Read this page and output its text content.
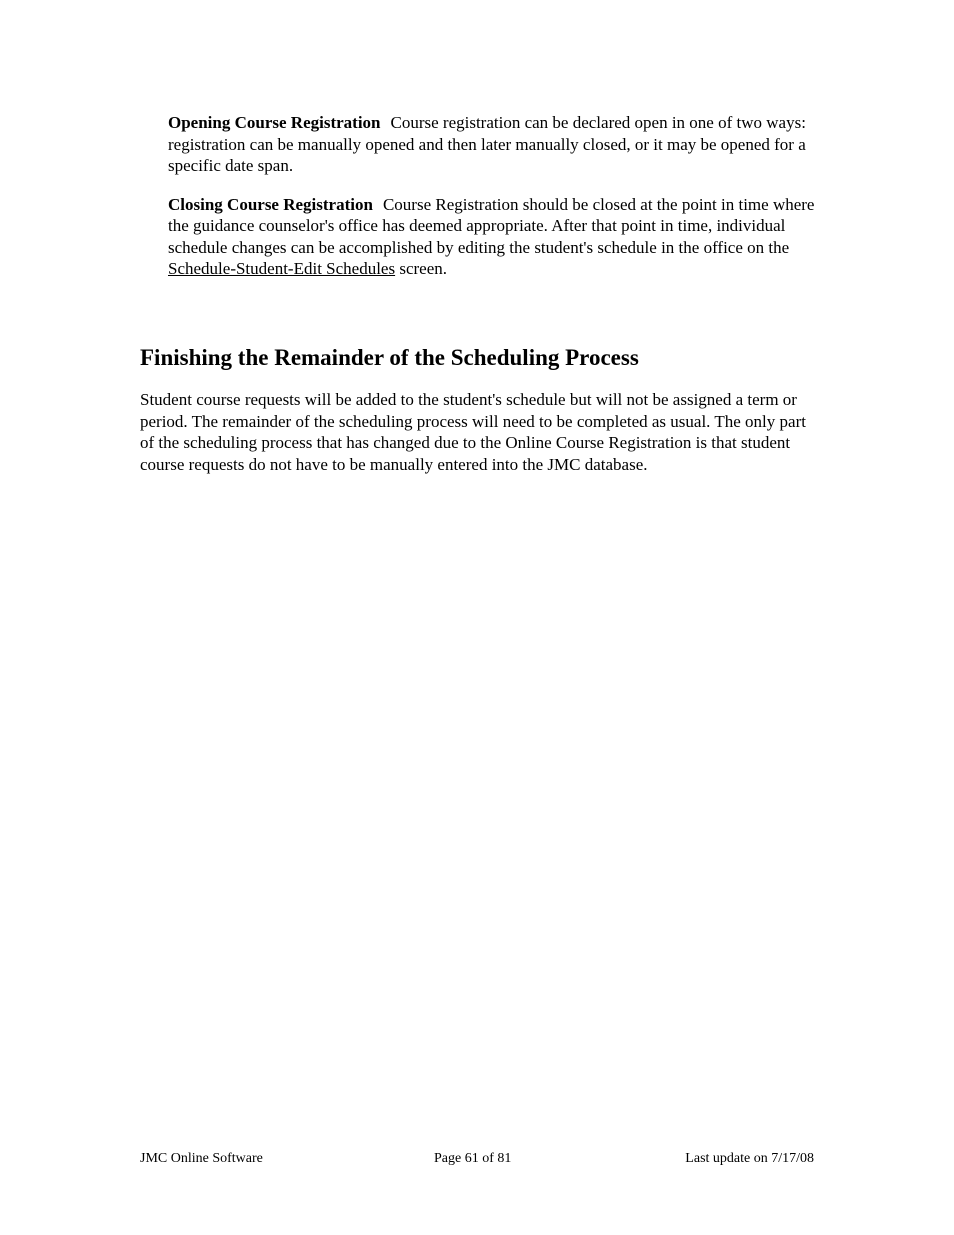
Opening Course Registration Course registration can be declared open in one of two ways: registration can be manually opened and then later manually closed, or it may be opened for a specific date span.

Closing Course Registration Course Registration should be closed at the point in time where the guidance counselor's office has deemed appropriate. After that point in time, individual schedule changes can be accomplished by editing the student's schedule in the office on the Schedule-Student-Edit Schedules screen.

Finishing the Remainder of the Scheduling Process

Student course requests will be added to the student's schedule but will not be assigned a term or period. The remainder of the scheduling process will need to be completed as usual. The only part of the scheduling process that has changed due to the Online Course Registration is that student course requests do not have to be manually entered into the JMC database.

JMC Online Software	Page 61 of 81	Last update on 7/17/08
